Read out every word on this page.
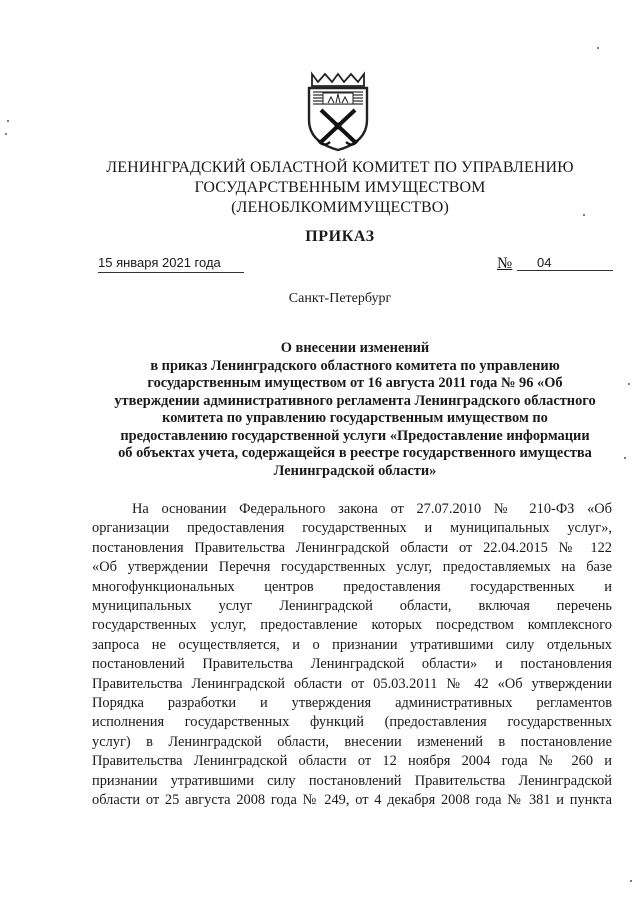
ЛЕНИНГРАДСКИЙ ОБЛАСТНОЙ КОМИТЕТ ПО УПРАВЛЕНИЮ
ГОСУДАРСТВЕННЫМ ИМУЩЕСТВОМ
(ЛЕНОБЛКОМИМУЩЕСТВО)
ПРИКАЗ
15 января 2021 года	№	04
Санкт-Петербург
О внесении изменений
в приказ Ленинградского областного комитета по управлению
государственным имуществом от 16 августа 2011 года № 96 «Об
утверждении административного регламента Ленинградского областного
комитета по управлению государственным имуществом по
предоставлению государственной услуги «Предоставление информации
об объектах учета, содержащейся в реестре государственного имущества
Ленинградской области»
На основании Федерального закона от 27.07.2010 № 210-ФЗ «Об
организации предоставления государственных и муниципальных услуг»,
постановления Правительства Ленинградской области от 22.04.2015 № 122
«Об утверждении Перечня государственных услуг, предоставляемых на базе
многофункциональных центров предоставления государственных и
муниципальных услуг Ленинградской области, включая перечень
государственных услуг, предоставление которых посредством комплексного
запроса не осуществляется, и о признании утратившими силу отдельных
постановлений Правительства Ленинградской области» и постановления
Правительства Ленинградской области от 05.03.2011 № 42 «Об утверждении
Порядка разработки и утверждения административных регламентов
исполнения государственных функций (предоставления государственных
услуг) в Ленинградской области, внесении изменений в постановление
Правительства Ленинградской области от 12 ноября 2004 года № 260 и
признании утратившими силу постановлений Правительства Ленинградской
области от 25 августа 2008 года № 249, от 4 декабря 2008 года № 381 и пункта
